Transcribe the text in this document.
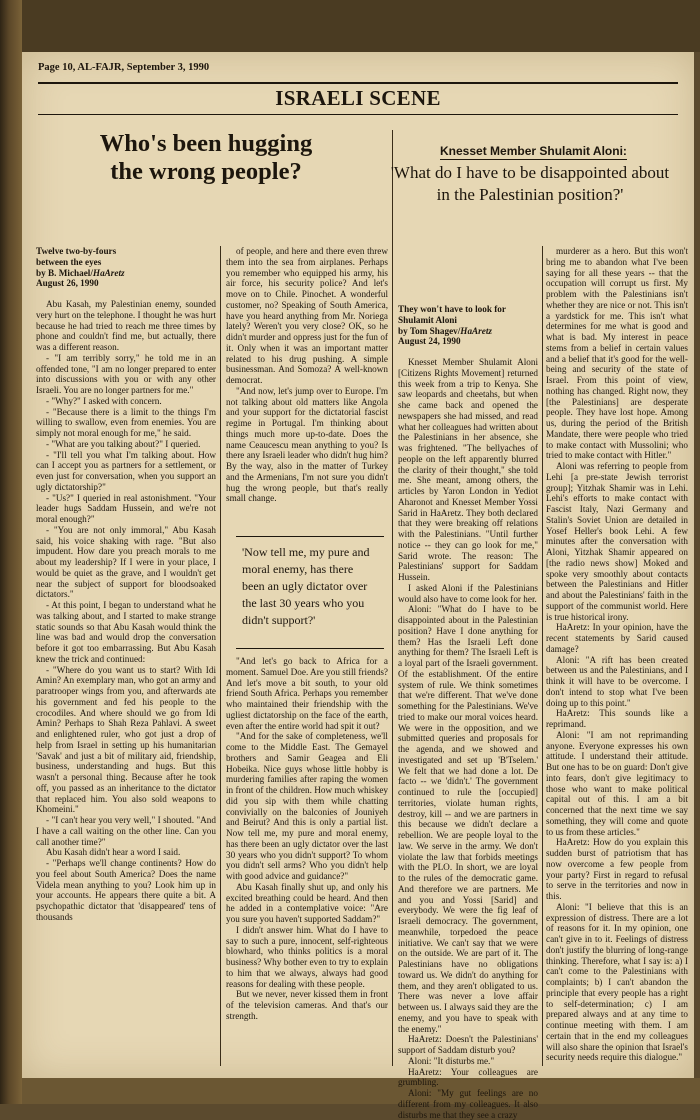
Page 10, AL-FAJR, September 3, 1990
ISRAELI SCENE
Who's been hugging
the wrong people?
Twelve two-by-fours
between the eyes
by B. Michael/HaAretz
August 26, 1990

Abu Kasah, my Palestinian enemy, sounded very hurt on the telephone. I thought he was hurt because he had tried to reach me three times by phone and couldn't find me, but actually, there was a different reason.

- "I am terribly sorry," he told me in an offended tone, "I am no longer prepared to enter into discussions with you or with any other Israeli. You are no longer partners for me."

- "Why?" I asked with concern.

- "Because there is a limit to the things I'm willing to swallow, even from enemies. You are simply not moral enough for me," he said.

- "What are you talking about?" I queried.

- "I'll tell you what I'm talking about. How can I accept you as partners for a settlement, or even just for conversation, when you support an ugly dictatorship?"

- "Us?" I queried in real astonishment. "Your leader hugs Saddam Hussein, and we're not moral enough?"

- "You are not only immoral," Abu Kasah said, his voice shaking with rage. "But also impudent. How dare you preach morals to me about my leadership? If I were in your place, I would be quiet as the grave, and I wouldn't get near the subject of support for bloodsoaked dictators."

- At this point, I began to understand what he was talking about, and I started to make strange static sounds so that Abu Kasah would think the line was bad and would drop the conversation before it got too embarrassing. But Abu Kasah knew the trick and continued:

- "Where do you want us to start? With Idi Amin? An exemplary man, who got an army and paratrooper wings from you, and afterwards ate his government and fed his people to the crocodiles. And where should we go from Idi Amin? Perhaps to Shah Reza Pahlavi. A sweet and enlightened ruler, who got just a drop of help from Israel in setting up his humanitarian 'Savak' and just a bit of military aid, friendship, business, understanding and hugs. But this wasn't a personal thing. Because after he took off, you passed as an inheritance to the dictator that replaced him. You also sold weapons to Khomeini."

- "I can't hear you very well," I shouted. "And I have a call waiting on the other line. Can you call another time?"

Abu Kasah didn't hear a word I said.

- "Perhaps we'll change continents? How do you feel about South America? Does the name Videla mean anything to you? Look him up in your accounts. He appears there quite a bit. A psychopathic dictator that 'disappeared' tens of thousands

of people, and here and there even threw them into the sea from airplanes. Perhaps you remember who equipped his army, his air force, his security police? And let's move on to Chile. Pinochet. A wonderful customer, no? Speaking of South America, have you heard anything from Mr. Noriega lately? Weren't you very close? OK, so he didn't murder and oppress just for the fun of it. Only when it was an important matter related to his drug pushing. A simple businessman. And Somoza? A well-known democrat.

"And now, let's jump over to Europe. I'm not talking about old matters like Angola and your support for the dictatorial fascist regime in Portugal. I'm thinking about things much more up-to-date. Does the name Ceaucescu mean anything to you? Is there any Israeli leader who didn't hug him? By the way, also in the matter of Turkey and the Armenians, I'm not sure you didn't hug the wrong people, but that's really small change.

'Now tell me, my pure and moral enemy, has there been an ugly dictator over the last 30 years who you didn't support?'

"And let's go back to Africa for a moment. Samuel Doe. Are you still friends? And let's move a bit south, to your old friend South Africa. Perhaps you remember who maintained their friendship with the ugliest dictatorship on the face of the earth, even after the entire world had spit it out?

"And for the sake of completeness, we'll come to the Middle East. The Gemayel brothers and Samir Geagea and Eli Hobeika. Nice guys whose little hobby is murdering families after raping the women in front of the children. How much whiskey did you sip with them while chatting convivially on the balconies of Jouniyeh and Beirut? And this is only a partial list. Now tell me, my pure and moral enemy, has there been an ugly dictator over the last 30 years who you didn't support? To whom you didn't sell arms? Who you didn't help with good advice and guidance?"

Abu Kasah finally shut up, and only his excited breathing could be heard. And then he added in a contemplative voice: "Are you sure you haven't supported Saddam?"

I didn't answer him. What do I have to say to such a pure, innocent, self-righteous blowhard, who thinks politics is a moral business? Why bother even to try to explain to him that we always, always had good reasons for dealing with these people.

But we never, never kissed them in front of the television cameras. And that's our strength.

Knesset Member Shulamit Aloni:
'What do I have to be disappointed about in the Palestinian position?'
They won't have to look for
Shulamit Aloni
by Tom Shagev/HaAretz
August 24, 1990

Knesset Member Shulamit Aloni [Citizens Rights Movement] returned this week from a trip to Kenya. She saw leopards and cheetahs, but when she came back and opened the newspapers she had missed, and read what her colleagues had written about the Palestinians in her absence, she was frightened. "The bellyaches of people on the left apparently blurred the clarity of their thought," she told me. She meant, among others, the articles by Yaron London in Yediot Aharonot and Knesset Member Yossi Sarid in HaAretz. They both declared that they were breaking off relations with the Palestinians. "Until further notice -- they can go look for me," Sarid wrote. The reason: The Palestinians' support for Saddam Hussein.

I asked Aloni if the Palestinians would also have to come look for her.

Aloni: "What do I have to be disappointed about in the Palestinian position? Have I done anything for them? Has the Israeli Left done anything for them? The Israeli Left is a loyal part of the Israeli government. Of the establishment. Of the entire system of rule. We think sometimes that we're different. That we've done something for the Palestinians. We've tried to make our moral voices heard. We were in the opposition, and we submitted queries and proposals for the agenda, and we showed and investigated and set up 'B'Tselem.' We felt that we had done a lot. De facto -- we 'didn't.' The government continued to rule the [occupied] territories, violate human rights, destroy, kill -- and we are partners in this because we didn't declare a rebellion. We are people loyal to the law. We serve in the army. We don't violate the law that forbids meetings with the PLO. In short, we are loyal to the rules of the democratic game. And therefore we are partners. Me and you and Yossi [Sarid] and everybody. We were the fig leaf of Israeli democracy. The government, meanwhile, torpedoed the peace initiative. We can't say that we were on the outside. We are part of it. The Palestinians have no obligations toward us. We didn't do anything for them, and they aren't obligated to us. There was never a love affair between us. I always said they are the enemy, and you have to speak with the enemy."

HaAretz: Doesn't the Palestinians' support of Saddam disturb you?

Aloni: "It disturbs me."

HaAretz: Your colleagues are grumbling.

Aloni: "My gut feelings are no different from my colleagues. It also disturbs me that they see a crazy

murderer as a hero. But this won't bring me to abandon what I've been saying for all these years -- that the occupation will corrupt us first. My problem with the Palestinians isn't whether they are nice or not. This isn't a yardstick for me. This isn't what determines for me what is good and what is bad. My interest in peace stems from a belief in certain values and a belief that it's good for the well-being and security of the state of Israel. From this point of view, nothing has changed. Right now, they [the Palestinians] are desperate people. They have lost hope. Among us, during the period of the British Mandate, there were people who tried to make contact with Mussolini; who tried to make contact with Hitler."

Aloni was referring to people from Lehi [a pre-state Jewish terrorist group]; Yitzhak Shamir was in Lehi. Lehi's efforts to make contact with Fascist Italy, Nazi Germany and Stalin's Soviet Union are detailed in Yosef Heller's book Lehi. A few minutes after the conversation with Aloni, Yitzhak Shamir appeared on [the radio news show] Moked and spoke very smoothly about contacts between the Palestinians and Hitler and about the Palestinians' faith in the support of the communist world. Here is true historical irony.

HaAretz: In your opinion, have the recent statements by Sarid caused damage?

Aloni: "A rift has been created between us and the Palestinians, and I think it will have to be overcome. I don't intend to stop what I've been doing up to this point."

HaAretz: This sounds like a reprimand.

Aloni: "I am not reprimanding anyone. Everyone expresses his own attitude. I understand their attitude. But one has to be on guard: Don't give into fears, don't give legitimacy to those who want to make political capital out of this. I am a bit concerned that the next time we say something, they will come and quote to us from these articles."

HaAretz: How do you explain this sudden burst of patriotism that has now overcome a few people from your party? First in regard to refusal to serve in the territories and now in this.

Aloni: "I believe that this is an expression of distress. There are a lot of reasons for it. In my opinion, one can't give in to it. Feelings of distress don't justify the blurring of long-range thinking. Therefore, what I say is: a) I can't come to the Palestinians with complaints; b) I can't abandon the principle that every people has a right to self-determination; c) I am prepared always and at any time to continue meeting with them. I am certain that in the end my colleagues will also share the opinion that Israel's security needs require this dialogue."
